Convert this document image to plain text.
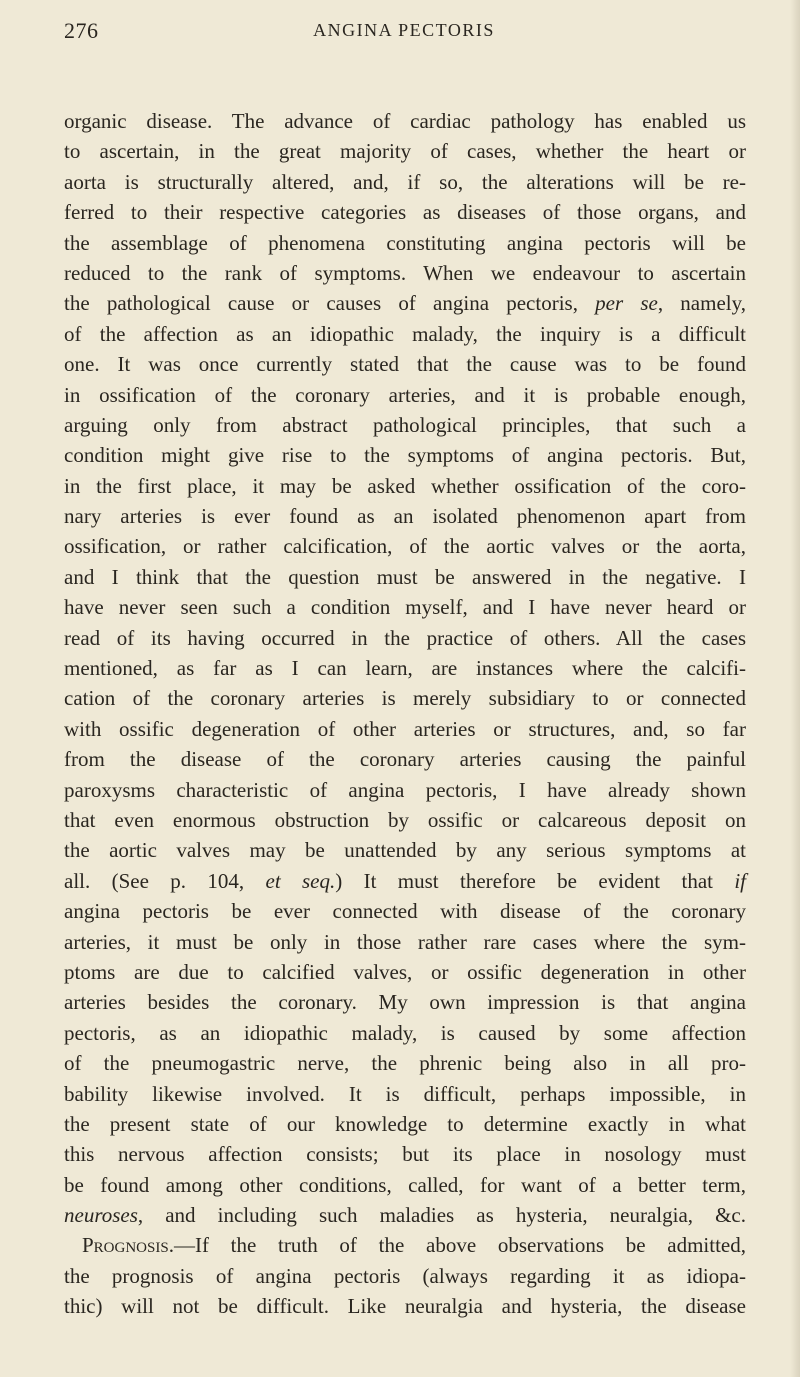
276	ANGINA PECTORIS
organic disease. The advance of cardiac pathology has enabled us
to ascertain, in the great majority of cases, whether the heart or
aorta is structurally altered, and, if so, the alterations will be re-
ferred to their respective categories as diseases of those organs, and
the assemblage of phenomena constituting angina pectoris will be
reduced to the rank of symptoms. When we endeavour to ascertain
the pathological cause or causes of angina pectoris, per se, namely,
of the affection as an idiopathic malady, the inquiry is a difficult
one. It was once currently stated that the cause was to be found
in ossification of the coronary arteries, and it is probable enough,
arguing only from abstract pathological principles, that such a
condition might give rise to the symptoms of angina pectoris. But,
in the first place, it may be asked whether ossification of the coro-
nary arteries is ever found as an isolated phenomenon apart from
ossification, or rather calcification, of the aortic valves or the aorta,
and I think that the question must be answered in the negative. I
have never seen such a condition myself, and I have never heard or
read of its having occurred in the practice of others. All the cases
mentioned, as far as I can learn, are instances where the calcifi-
cation of the coronary arteries is merely subsidiary to or connected
with ossific degeneration of other arteries or structures, and, so far
from the disease of the coronary arteries causing the painful
paroxysms characteristic of angina pectoris, I have already shown
that even enormous obstruction by ossific or calcareous deposit on
the aortic valves may be unattended by any serious symptoms at
all. (See p. 104, et seq.) It must therefore be evident that if
angina pectoris be ever connected with disease of the coronary
arteries, it must be only in those rather rare cases where the sym-
ptoms are due to calcified valves, or ossific degeneration in other
arteries besides the coronary. My own impression is that angina
pectoris, as an idiopathic malady, is caused by some affection
of the pneumogastric nerve, the phrenic being also in all pro-
bability likewise involved. It is difficult, perhaps impossible, in
the present state of our knowledge to determine exactly in what
this nervous affection consists; but its place in nosology must
be found among other conditions, called, for want of a better term,
neuroses, and including such maladies as hysteria, neuralgia, &c.
Prognosis.—If the truth of the above observations be admitted,
the prognosis of angina pectoris (always regarding it as idiopa-
thic) will not be difficult. Like neuralgia and hysteria, the disease
